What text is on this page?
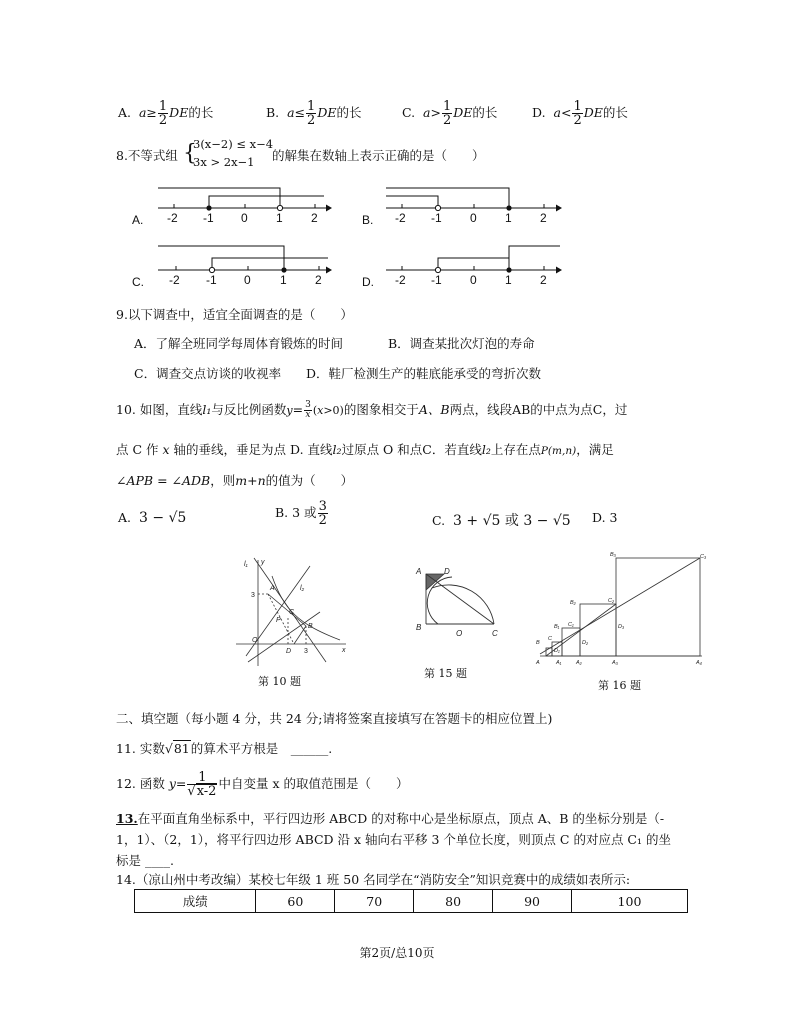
A.  $a\ge \frac{1}{2}$ DE的长	B.  $a\le \frac{1}{2}$ DE的长	C.  $a> \frac{1}{2}$ DE的长	D.  $a< \frac{1}{2}$ DE的长
8.不等式组 {
3(x−2) ≤ x−4
3x > 2x−1 的解集在数轴上表示正确的是（　　）
A. -2 -1 0 1 2	B. -2 -1 0 1 2
C. -2 -1 0 1 2	D. -2 -1 0 1 2
9.以下调查中，适宜全面调查的是（　　）
A．了解全班同学每周体育锻炼的时间	B．调查某批次灯泡的寿命
C．调查交点访谈的收视率 D．鞋厂检测生产的鞋底能承受的弯折次数
10. 如图，直线l₁与反比例函数$y= \frac{3}{x} (x>0)$的图象相交于A、B两点，线段AB的中点为点C，过
点 C 作 x 轴的垂线，垂足为点 D. 直线l₂过原点 O 和点C．若直线l₂上存在点P(m,n)，满足
∠APB = ∠ADB，则m+n的值为（　　）
A. 3 − √5	B. 3 或 $\frac{3}{2}$	C. 3 + √5 或 3 − √5 D. 3
l₁ y
A	l₂
3
C
P
B
O
D 3	x
第 10 题
A	D
B
O	C
第 15 题
B₃	C₃
B₂	C₂
B₁ C₁	D₃
B
C
D₂
D₁
A	A₁	A₂	A₃	A₄
第 16 题
二、填空题（每小题 4 分，共 24 分;请将签案直接填写在答题卡的相应位置上)
11. 实数√81的算术平方根是　______.
12. 函数 $y= \frac{1}{√x-2}$ 中自变量 x 的取值范围是（　　）
13.在平面直角坐标系中，平行四边形 ABCD 的对称中心是坐标原点，顶点 A、B 的坐标分别是（-
1，1）、（2，1），将平行四边形 ABCD 沿 x 轴向右平移 3 个单位长度，则顶点 C 的对应点 C₁ 的坐
标是 ____.
14.（凉山州中考改编）某校七年级 1 班 50 名同学在“消防安全”知识竞赛中的成绩如表所示:
成绩	60	70	80	90	100
第2页/总10页
